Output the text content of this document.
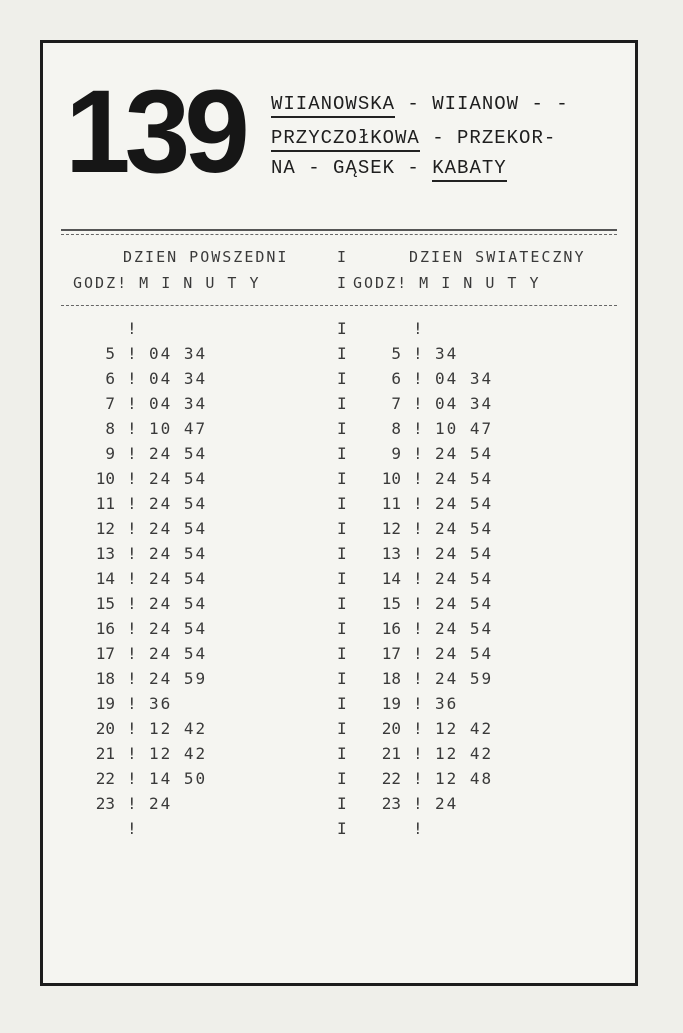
139 WIIANOWSKA - WIIANOW - -
PRZYCZOłKOWA - PRZEKOR-
NA - GĄSEK - KABATY
DZIEN POWSZEDNI	I	DZIEN SWIATECZNY
GODZ! M I N U T Y	I GODZ! M I N U T Y
!	I	!
5 ! 04 34	I	5 ! 34
6 ! 04 34	I	6 ! 04 34
7 ! 04 34	I	7 ! 04 34
8 ! 10 47	I	8 ! 10 47
9 ! 24 54	I	9 ! 24 54
10 ! 24 54	I	10 ! 24 54
11 ! 24 54	I	11 ! 24 54
12 ! 24 54	I	12 ! 24 54
13 ! 24 54	I	13 ! 24 54
14 ! 24 54	I	14 ! 24 54
15 ! 24 54	I	15 ! 24 54
16 ! 24 54	I	16 ! 24 54
17 ! 24 54	I	17 ! 24 54
18 ! 24 59	I	18 ! 24 59
19 ! 36	I	19 ! 36
20 ! 12 42	I	20 ! 12 42
21 ! 12 42	I	21 ! 12 42
22 ! 14 50	I	22 ! 12 48
23 ! 24	I	23 ! 24
!	I	!
